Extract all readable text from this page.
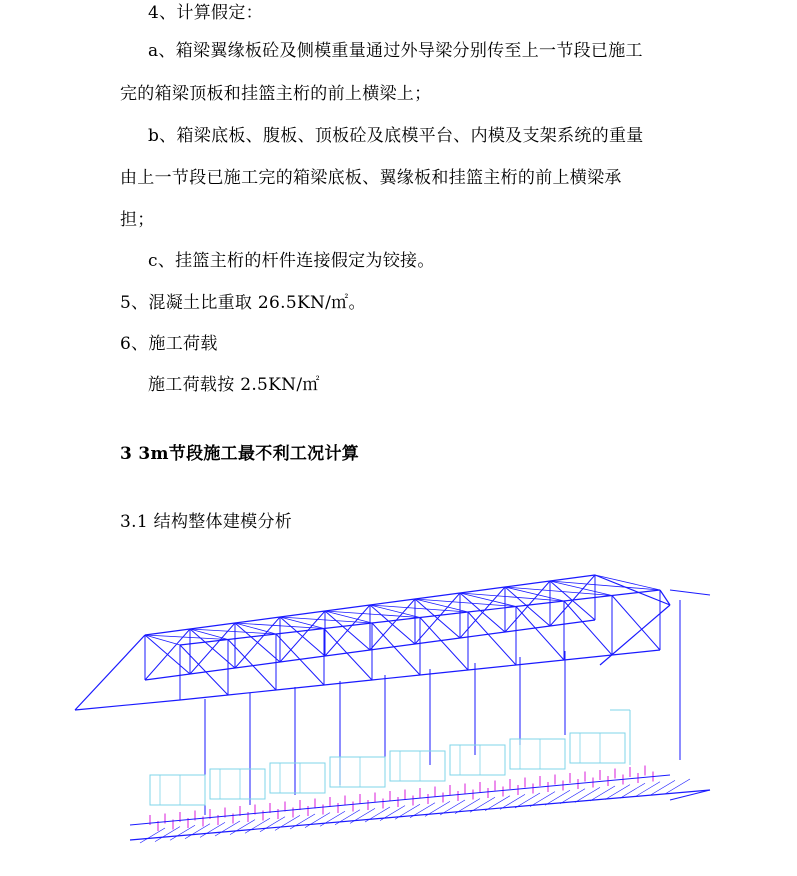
4、计算假定：
a、箱梁翼缘板砼及侧模重量通过外导梁分别传至上一节段已施工
完的箱梁顶板和挂篮主桁的前上横梁上；
b、箱梁底板、腹板、顶板砼及底模平台、内模及支架系统的重量
由上一节段已施工完的箱梁底板、翼缘板和挂篮主桁的前上横梁承
担；
c、挂篮主桁的杆件连接假定为铰接。
5、混凝土比重取 26.5KN/㎡。
6、施工荷载
施工荷载按 2.5KN/㎡
3 3m节段施工最不利工况计算
3.1 结构整体建模分析
